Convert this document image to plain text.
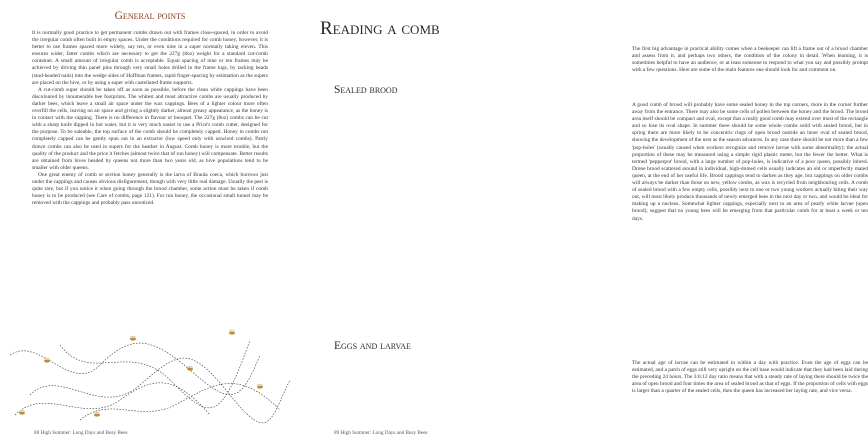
General points

It is normally good practice to get permanent combs drawn out with frames close-spaced, in order to avoid the irregular comb often built in empty spaces. Under the conditions required for comb honey, however, it is better to use frames spaced more widely, say ten, or even nine in a super normally taking eleven. This ensures wider, fatter combs which are necessary to get the 227g (8oz) weight for a standard cut-comb container. A small amount of irregular comb is acceptable. Equal spacing of nine or ten frames may be achieved by driving thin panel pins through very small holes drilled in the frame lugs, by tacking beads (stud-headed nails) into the wedge sides of Hoffman frames, rapid finger-spacing by estimation as the supers are placed on the hive, or by using a super with castellated frame supports.

A cut-comb super should be taken off as soon as possible, before the clean white cappings have been discoloured by innumerable bee footprints. The whitest and most attractive combs are usually produced by darker bees, which leave a small air space under the wax cappings. Bees of a lighter colour more often overfill the cells, leaving no air space and giving a slightly darker, almost greasy appearance, as the honey is in contact with the capping. There is no difference in flavour or bouquet. The 227g (8oz) combs can be cut with a sharp knife dipped in hot water, but it is very much easier to use a Price's comb cutter, designed for the purpose. To be saleable, the top surface of the comb should be completely capped. Honey in combs not completely capped can be gently spun out in an extractor (low speed only with unwired combs). Partly drawn combs can also be used in supers for the heather in August. Comb honey is more trouble, but the quality of the product and the price it fetches (almost twice that of run honey) will compensate. Better results are obtained from hives headed by queens not more than two years old, as hive populations tend to be smaller with older queens.

One great enemy of comb or section honey generally is the larva of Braula coeca, which burrows just under the cappings and causes obvious disfigurement, though with very little real damage. Usually the pest is quite rare, but if you notice it when going through the brood chamber, some action must be taken if comb honey is to be produced (see Care of combs, page 121). For run honey, the occasional small tunnel may be removed with the cappings and probably pass unnoticed.

88 High Summer: Long Days and Busy Bees
Reading a comb

The first big advantage in practical ability comes when a beekeeper can lift a frame out of a brood chamber and assess from it, and perhaps two others, the condition of the colony in detail. When learning, it is sometimes helpful to have an audience, or at least someone to respond to what you say and possibly prompt with a few questions. Here are some of the main features one should look for and comment on.

Sealed brood

A good comb of brood will probably have some sealed honey in the top corners, more in the corner further away from the entrance. There may also be some cells of pollen between the honey and the brood. The brood area itself should be compact and oval, except that a really good comb may extend over most of the rectangle and so lose its oval shape. In summer there should be some whole combs solid with sealed brood, but in spring there are more likely to be concentric rings of open brood outside an inner oval of sealed brood, showing the development of the nest as the season advances. In any case there should be not more than a few 'pop-holes' (usually caused when workers recognize and remove larvae with some abnormality); the actual proportion of these may be measured using a simple rigid plastic meter, but the fewer the better. What is termed 'pepperpot' brood, with a large number of pop-holes, is indicative of a poor queen, possibly inbred. Drone brood scattered around in individual, high-domed cells usually indicates an old or imperfectly mated queen, at the end of her useful life. Brood cappings tend to darken as they age, but cappings on older combs will always be darker than those on new, yellow combs, as wax is recycled from neighbouring cells. A comb of sealed brood with a few empty cells, possibly next to one or two young workers actually biting their way out, will most likely produce thousands of newly emerged bees in the next day or two, and would be ideal for making up a nucleus. Somewhat lighter cappings, especially next to an area of pearly white larvae (open brood), suggest that no young bees will be emerging from that particular comb for at least a week or ten days.

Eggs and larvae

The actual age of larvae can be estimated to within a day with practice. Even the age of eggs can be estimated, and a patch of eggs still very upright on the cell base would indicate that they had been laid during the preceding 24 hours. The 3:6:12 day ratio means that with a steady rate of laying there should be twice the area of open brood and four times the area of sealed brood as that of eggs. If the proportion of cells with eggs is larger than a quarter of the sealed cells, then the queen has increased her laying rate, and vice versa.

89 High Summer: Long Days and Busy Bees
